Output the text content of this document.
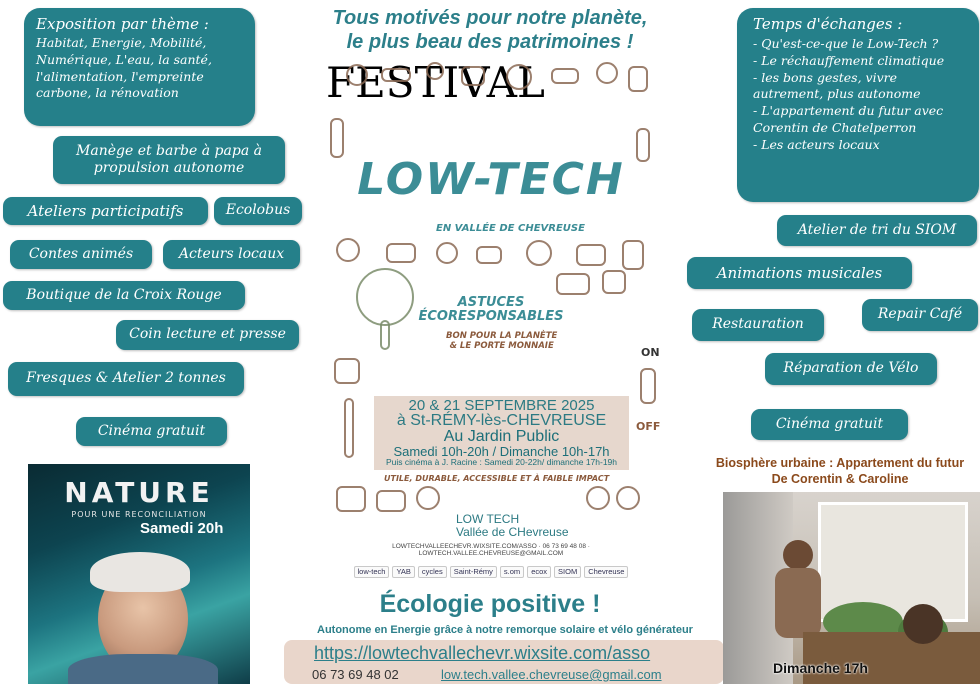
Tous motivés pour notre planète,
le plus beau des patrimoines !
Exposition par thème :
Habitat, Energie, Mobilité, Numérique, L'eau, la santé, l'alimentation, l'empreinte carbone, la rénovation
Manège et barbe à papa à propulsion autonome
Ateliers participatifs	Ecolobus
Contes animés	Acteurs locaux
Boutique de la Croix Rouge
Coin lecture et presse
Fresques & Atelier 2 tonnes
Cinéma gratuit
Temps d'échanges :
- Qu'est-ce-que le Low-Tech ?
- Le réchauffement climatique
- les bons gestes, vivre autrement, plus autonome
- L'appartement du futur avec Corentin de Chatelperron
- Les acteurs locaux
Atelier de tri du SIOM
Animations musicales
Repair Café
Restauration
Réparation de Vélo
Cinéma gratuit
FESTIVAL
LOW-TECH
EN VALLÉE DE CHEVREUSE
ASTUCES
ÉCORESPONSABLES
BON POUR LA PLANÈTE
& LE PORTE MONNAIE
ON
OFF
20 & 21 SEPTEMBRE 2025
à St-RÉMY-lès-CHEVREUSE
Au Jardin Public
Samedi 10h-20h / Dimanche 10h-17h
Puis cinéma à J. Racine : Samedi 20-22h/ dimanche 17h-19h
UTILE, DURABLE, ACCESSIBLE ET À FAIBLE IMPACT
LOW TECH
Vallée de CHevreuse
LOWTECHVALLEECHEVR.WIXSITE.COM/ASSO · 06 73 69 48 08 · LOWTECH.VALLEE.CHEVREUSE@GMAIL.COM
low-tech	YAB	cycles	Saint-Rémy	s.om	ecox	SIOM	Chevreuse
Écologie positive !
Autonome en Energie grâce à notre remorque solaire et vélo générateur
https://lowtechvallechevr.wixsite.com/asso
06 73 69 48 02	low.tech.vallee.chevreuse@gmail.com
NATURE
POUR UNE RECONCILIATION
Samedi 20h
Biosphère urbaine : Appartement du futur
De Corentin & Caroline
Dimanche 17h
